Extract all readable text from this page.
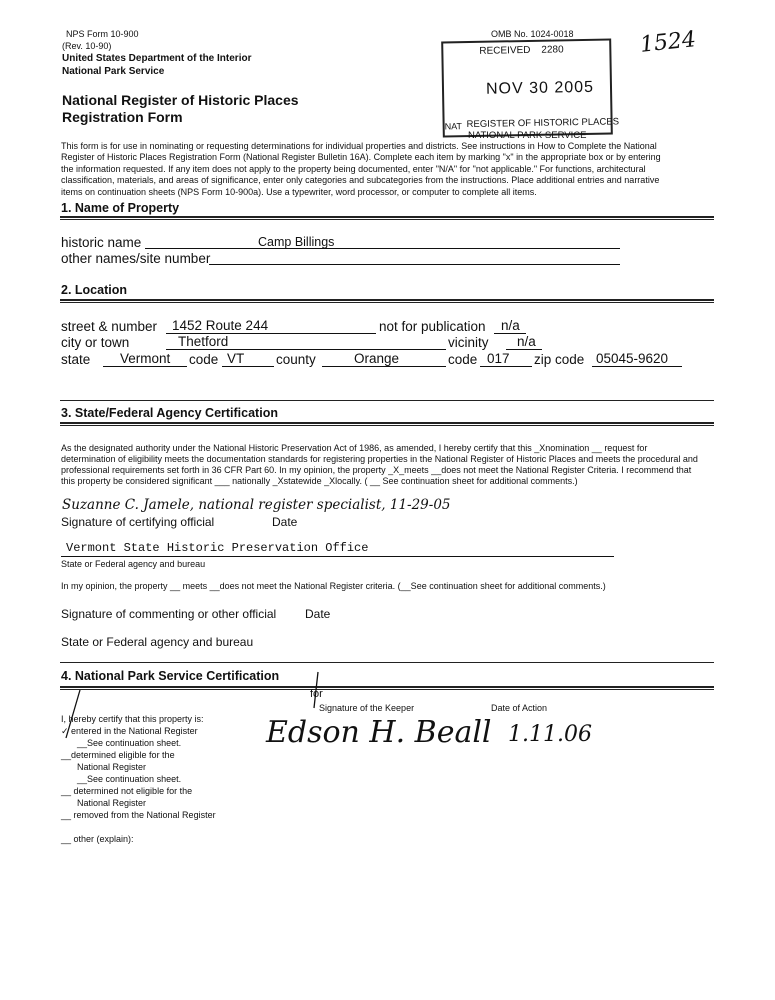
NPS Form 10-900
(Rev. 10-90)
United States Department of the Interior
National Park Service
OMB No. 1024-0018	1524
National Register of Historic Places
Registration Form
RECEIVED 2280
NOV 30 2005
NAT REGISTER OF HISTORIC PLACES
NATIONAL PARK SERVICE
This form is for use in nominating or requesting determinations for individual properties and districts. See instructions in How to Complete the National
Register of Historic Places Registration Form (National Register Bulletin 16A). Complete each item by marking "x" in the appropriate box or by entering
the information requested. If any item does not apply to the property being documented, enter "N/A" for "not applicable." For functions, architectural
classification, materials, and areas of significance, enter only categories and subcategories from the instructions. Place additional entries and narrative
items on continuation sheets (NPS Form 10-900a). Use a typewriter, word processor, or computer to complete all items.
1. Name of Property
historic name	Camp Billings
other names/site number
2. Location
street & number 1452 Route 244	not for publication n/a
city or town	Thetford	vicinity n/a
state Vermont code VT county	Orange	code 017 zip code 05045-9620
3. State/Federal Agency Certification
As the designated authority under the National Historic Preservation Act of 1986, as amended, I hereby certify that this _Xnomination __ request for determination of eligibility meets the documentation standards for registering properties in the National Register of Historic Places and meets the procedural and professional requirements set forth in 36 CFR Part 60. In my opinion, the property _X_meets __does not meet the National Register Criteria. I recommend that this property be considered significant ___ nationally _Xstatewide _Xlocally. ( __ See continuation sheet for additional comments.)
Suzanne C. Jamele, national register specialist, 11-29-05
Signature of certifying official	Date
Vermont State Historic Preservation Office
State or Federal agency and bureau
In my opinion, the property __ meets __does not meet the National Register criteria. (__See continuation sheet for additional comments.)
Signature of commenting or other official Date
State or Federal agency and bureau
4. National Park Service Certification
I, hereby certify that this property is:
✓ entered in the National Register
__See continuation sheet.
__determined eligible for the
National Register
__See continuation sheet.
__ determined not eligible for the
National Register
__ removed from the National Register
__ other (explain):
for
Signature of the Keeper	Date of Action
Edson H. Beall 1.11.06
